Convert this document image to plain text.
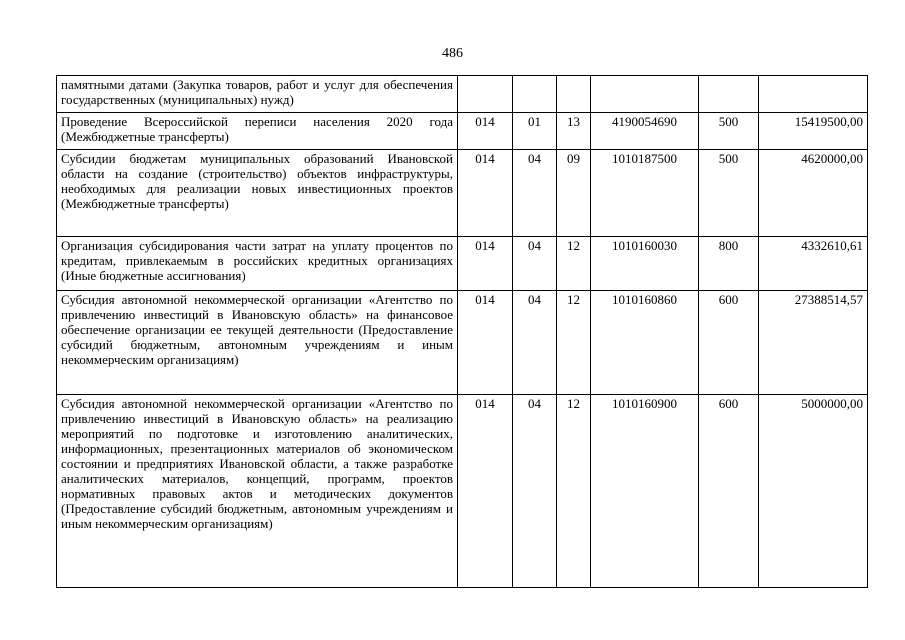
486
памятными датами (Закупка товаров, работ и услуг для обеспечения государственных (муниципальных) нужд)						
Проведение Всероссийской переписи населения 2020 года (Межбюджетные трансферты)	014	01	13	4190054690	500	15419500,00
Субсидии бюджетам муниципальных образований Ивановской области на создание (строительство) объектов инфраструктуры, необходимых для реализации новых инвестиционных проектов (Межбюджетные трансферты)	014	04	09	1010187500	500	4620000,00
Организация субсидирования части затрат на уплату процентов по кредитам, привлекаемым в российских кредитных организациях (Иные бюджетные ассигнования)	014	04	12	1010160030	800	4332610,61
Субсидия автономной некоммерческой организации «Агентство по привлечению инвестиций в Ивановскую область» на финансовое обеспечение организации ее текущей деятельности (Предоставление субсидий бюджетным, автономным учреждениям и иным некоммерческим организациям)	014	04	12	1010160860	600	27388514,57
Субсидия автономной некоммерческой организации «Агентство по привлечению инвестиций в Ивановскую область» на реализацию мероприятий по подготовке и изготовлению аналитических, информационных, презентационных материалов об экономическом состоянии и предприятиях Ивановской области, а также разработке аналитических материалов, концепций, программ, проектов нормативных правовых актов и методических документов (Предоставление субсидий бюджетным, автономным учреждениям и иным некоммерческим организациям)	014	04	12	1010160900	600	5000000,00
